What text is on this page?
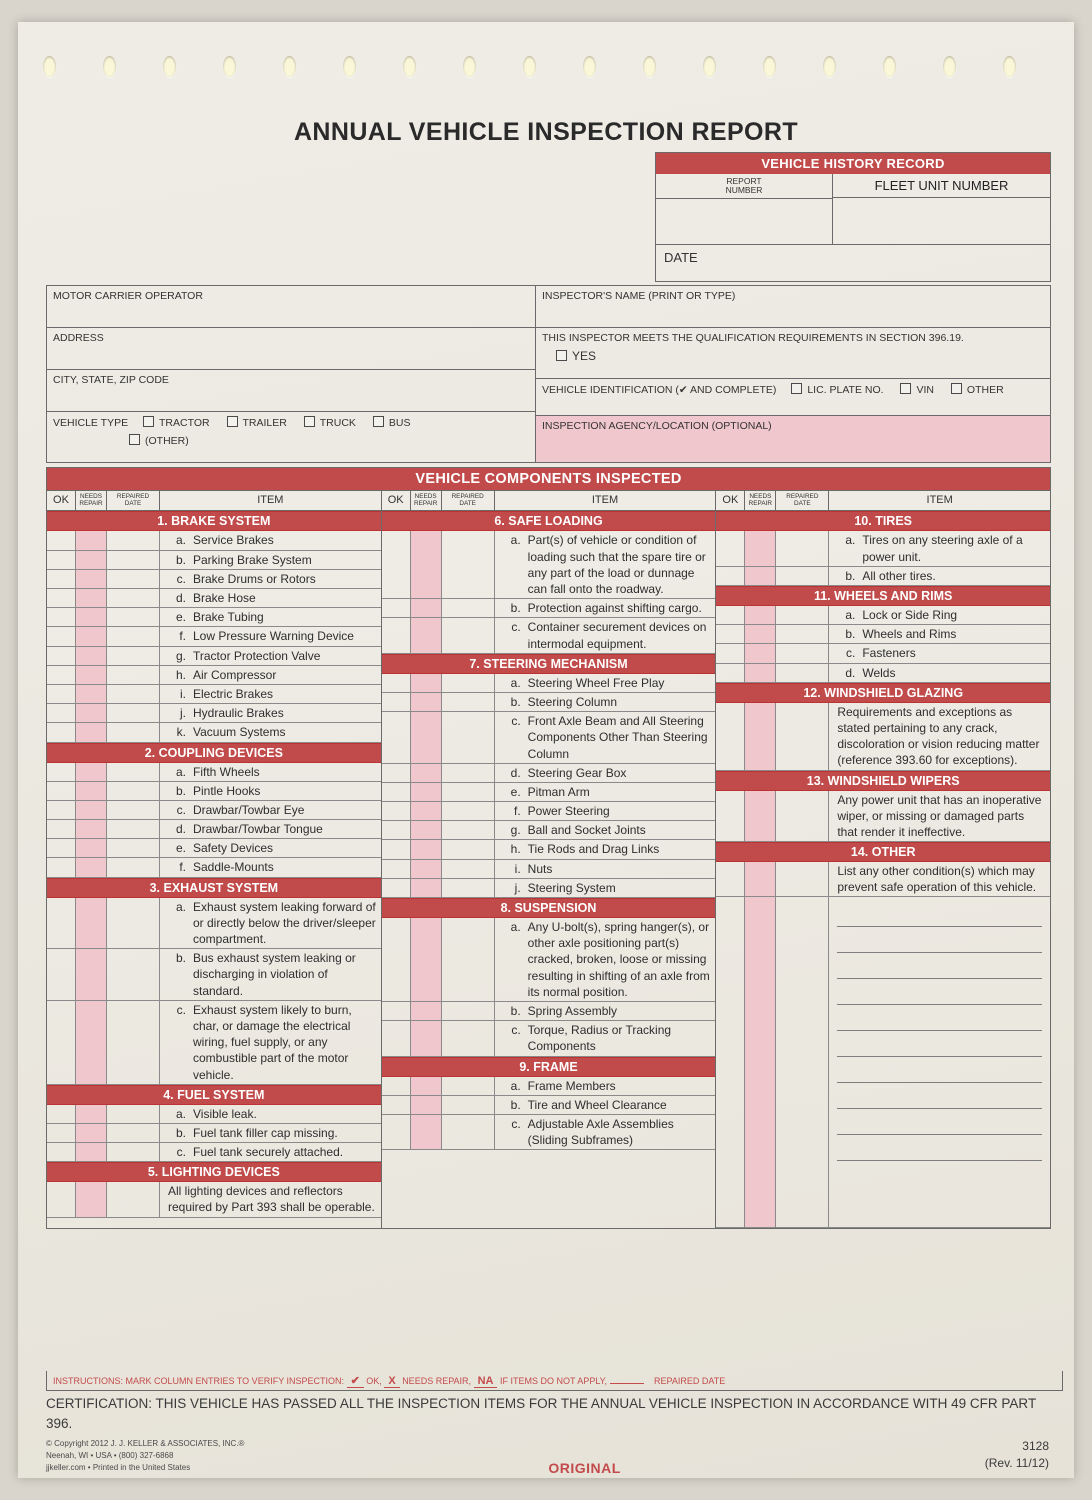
ANNUAL VEHICLE INSPECTION REPORT
VEHICLE HISTORY RECORD
REPORT
NUMBER	FLEET UNIT NUMBER
DATE
MOTOR CARRIER OPERATOR
ADDRESS
CITY, STATE, ZIP CODE
VEHICLE TYPE	TRACTOR	TRAILER	TRUCK	BUS
(OTHER)
INSPECTOR'S NAME (PRINT OR TYPE)
THIS INSPECTOR MEETS THE QUALIFICATION REQUIREMENTS IN SECTION 396.19.
YES
VEHICLE IDENTIFICATION (✔ AND COMPLETE)	LIC. PLATE NO.	VIN	OTHER
INSPECTION AGENCY/LOCATION (OPTIONAL)
VEHICLE COMPONENTS INSPECTED
OK	NEEDS
REPAIR
REPAIRED
DATE	ITEM
1. BRAKE SYSTEM
a. Service Brakes
b. Parking Brake System
c. Brake Drums or Rotors
d. Brake Hose
e. Brake Tubing
f. Low Pressure Warning Device
g. Tractor Protection Valve
h. Air Compressor
i. Electric Brakes
j. Hydraulic Brakes
k. Vacuum Systems
2. COUPLING DEVICES
a. Fifth Wheels
b. Pintle Hooks
c. Drawbar/Towbar Eye
d. Drawbar/Towbar Tongue
e. Safety Devices
f. Saddle-Mounts
3. EXHAUST SYSTEM
a. Exhaust system leaking forward of or directly below the driver/sleeper compartment.
b. Bus exhaust system leaking or discharging in violation of standard.
c. Exhaust system likely to burn, char, or damage the electrical wiring, fuel supply, or any combustible part of the motor vehicle.
4. FUEL SYSTEM
a. Visible leak.
b. Fuel tank filler cap missing.
c. Fuel tank securely attached.
5. LIGHTING DEVICES
All lighting devices and reflectors required by Part 393 shall be operable.
OK	NEEDS
REPAIR
REPAIRED
DATE	ITEM
6. SAFE LOADING
a. Part(s) of vehicle or condition of loading such that the spare tire or any part of the load or dunnage can fall onto the roadway.
b. Protection against shifting cargo.
c. Container securement devices on intermodal equipment.
7. STEERING MECHANISM
a. Steering Wheel Free Play
b. Steering Column
c. Front Axle Beam and All Steering Components Other Than Steering Column
d. Steering Gear Box
e. Pitman Arm
f. Power Steering
g. Ball and Socket Joints
h. Tie Rods and Drag Links
i. Nuts
j. Steering System
8. SUSPENSION
a. Any U-bolt(s), spring hanger(s), or other axle positioning part(s) cracked, broken, loose or missing resulting in shifting of an axle from its normal position.
b. Spring Assembly
c. Torque, Radius or Tracking Components
9. FRAME
a. Frame Members
b. Tire and Wheel Clearance
c. Adjustable Axle Assemblies (Sliding Subframes)
OK	NEEDS
REPAIR
REPAIRED
DATE	ITEM
10. TIRES
a. Tires on any steering axle of a power unit.
b. All other tires.
11. WHEELS AND RIMS
a. Lock or Side Ring
b. Wheels and Rims
c. Fasteners
d. Welds
12. WINDSHIELD GLAZING
Requirements and exceptions as stated pertaining to any crack, discoloration or vision reducing matter (reference 393.60 for exceptions).
13. WINDSHIELD WIPERS
Any power unit that has an inoperative wiper, or missing or damaged parts that render it ineffective.
14. OTHER
List any other condition(s) which may prevent safe operation of this vehicle.
INSTRUCTIONS: MARK COLUMN ENTRIES TO VERIFY INSPECTION: ✔ OK, X NEEDS REPAIR, NA IF ITEMS DO NOT APPLY,	REPAIRED DATE
CERTIFICATION: THIS VEHICLE HAS PASSED ALL THE INSPECTION ITEMS FOR THE ANNUAL VEHICLE INSPECTION IN ACCORDANCE WITH 49 CFR PART 396.
© Copyright 2012 J. J. KELLER & ASSOCIATES, INC.®
Neenah, WI • USA • (800) 327-6868
jjkeller.com • Printed in the United States	ORIGINAL
3128
(Rev. 11/12)
